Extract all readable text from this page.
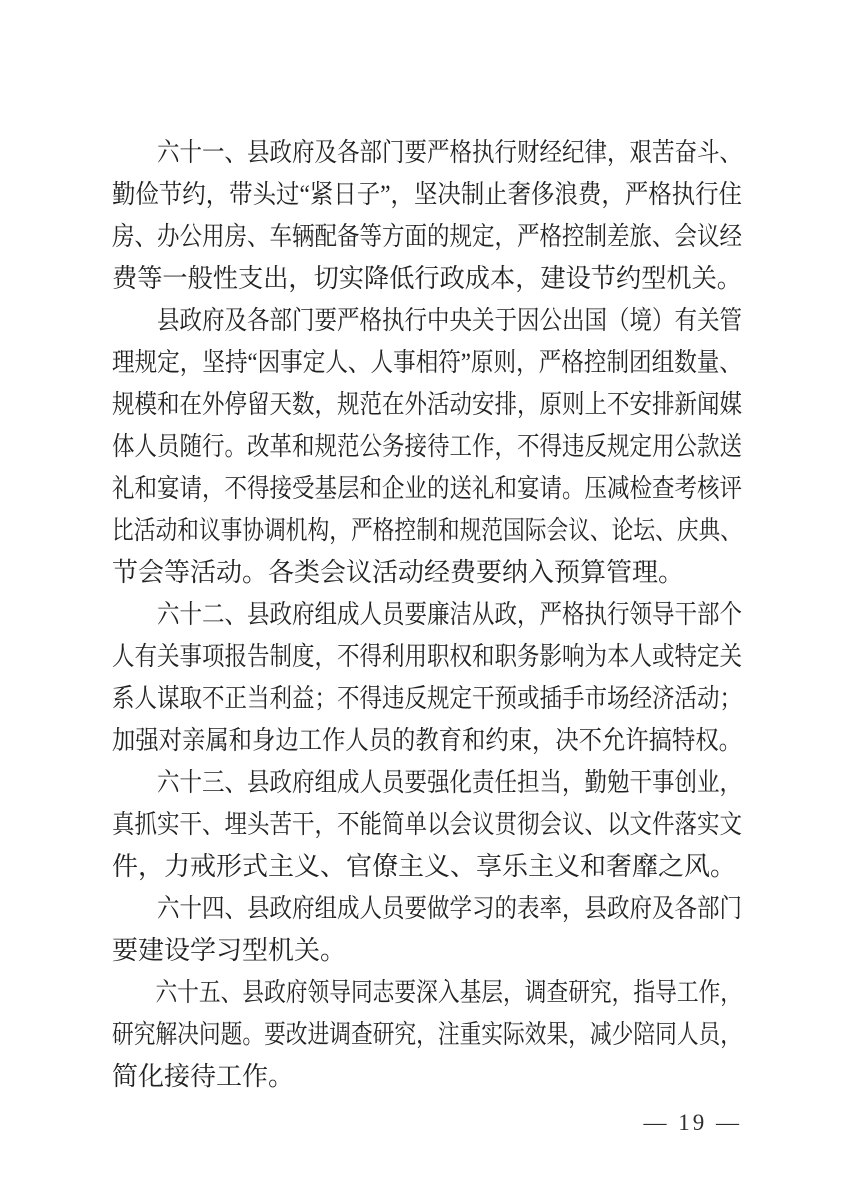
六十一、县政府及各部门要严格执行财经纪律，艰苦奋斗、
勤俭节约，带头过“紧日子”，坚决制止奢侈浪费，严格执行住
房、办公用房、车辆配备等方面的规定，严格控制差旅、会议经
费等一般性支出，切实降低行政成本，建设节约型机关。
县政府及各部门要严格执行中央关于因公出国（境）有关管
理规定，坚持“因事定人、人事相符”原则，严格控制团组数量、
规模和在外停留天数，规范在外活动安排，原则上不安排新闻媒
体人员随行。改革和规范公务接待工作，不得违反规定用公款送
礼和宴请，不得接受基层和企业的送礼和宴请。压减检查考核评
比活动和议事协调机构，严格控制和规范国际会议、论坛、庆典、
节会等活动。各类会议活动经费要纳入预算管理。
六十二、县政府组成人员要廉洁从政，严格执行领导干部个
人有关事项报告制度，不得利用职权和职务影响为本人或特定关
系人谋取不正当利益；不得违反规定干预或插手市场经济活动；
加强对亲属和身边工作人员的教育和约束，决不允许搞特权。
六十三、县政府组成人员要强化责任担当，勤勉干事创业，
真抓实干、埋头苦干，不能简单以会议贯彻会议、以文件落实文
件，力戒形式主义、官僚主义、享乐主义和奢靡之风。
六十四、县政府组成人员要做学习的表率，县政府及各部门
要建设学习型机关。
六十五、县政府领导同志要深入基层，调查研究，指导工作，
研究解决问题。要改进调查研究，注重实际效果，减少陪同人员，
简化接待工作。
— 19 —
